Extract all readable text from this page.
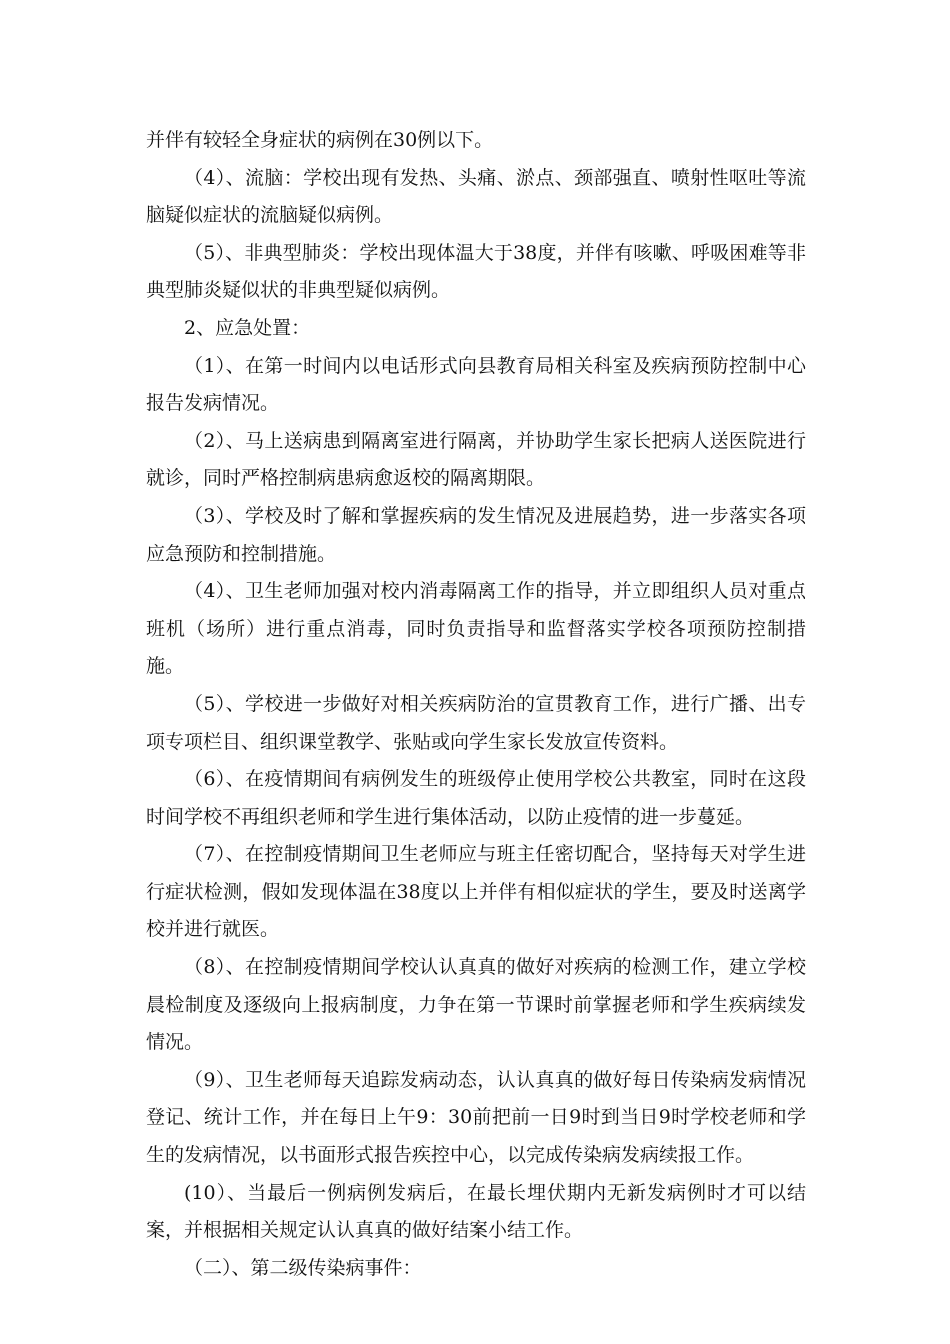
并伴有较轻全身症状的病例在30例以下。

（4）、流脑：学校出现有发热、头痛、淤点、颈部强直、喷射性呕吐等流脑疑似症状的流脑疑似病例。

（5）、非典型肺炎：学校出现体温大于38度，并伴有咳嗽、呼吸困难等非典型肺炎疑似状的非典型疑似病例。

2、应急处置：

（1）、在第一时间内以电话形式向县教育局相关科室及疾病预防控制中心报告发病情况。

（2）、马上送病患到隔离室进行隔离，并协助学生家长把病人送医院进行就诊，同时严格控制病患病愈返校的隔离期限。

（3）、学校及时了解和掌握疾病的发生情况及进展趋势，进一步落实各项应急预防和控制措施。

（4）、卫生老师加强对校内消毒隔离工作的指导，并立即组织人员对重点班机（场所）进行重点消毒，同时负责指导和监督落实学校各项预防控制措施。

（5）、学校进一步做好对相关疾病防治的宣贯教育工作，进行广播、出专项专项栏目、组织课堂教学、张贴或向学生家长发放宣传资料。

（6）、在疫情期间有病例发生的班级停止使用学校公共教室，同时在这段时间学校不再组织老师和学生进行集体活动，以防止疫情的进一步蔓延。

（7）、在控制疫情期间卫生老师应与班主任密切配合，坚持每天对学生进行症状检测，假如发现体温在38度以上并伴有相似症状的学生，要及时送离学校并进行就医。

（8）、在控制疫情期间学校认认真真的做好对疾病的检测工作，建立学校晨检制度及逐级向上报病制度，力争在第一节课时前掌握老师和学生疾病续发情况。

（9）、卫生老师每天追踪发病动态，认认真真的做好每日传染病发病情况登记、统计工作，并在每日上午9：30前把前一日9时到当日9时学校老师和学生的发病情况，以书面形式报告疾控中心，以完成传染病发病续报工作。

(10）、当最后一例病例发病后，在最长埋伏期内无新发病例时才可以结案，并根据相关规定认认真真的做好结案小结工作。

（二）、第二级传染病事件：
